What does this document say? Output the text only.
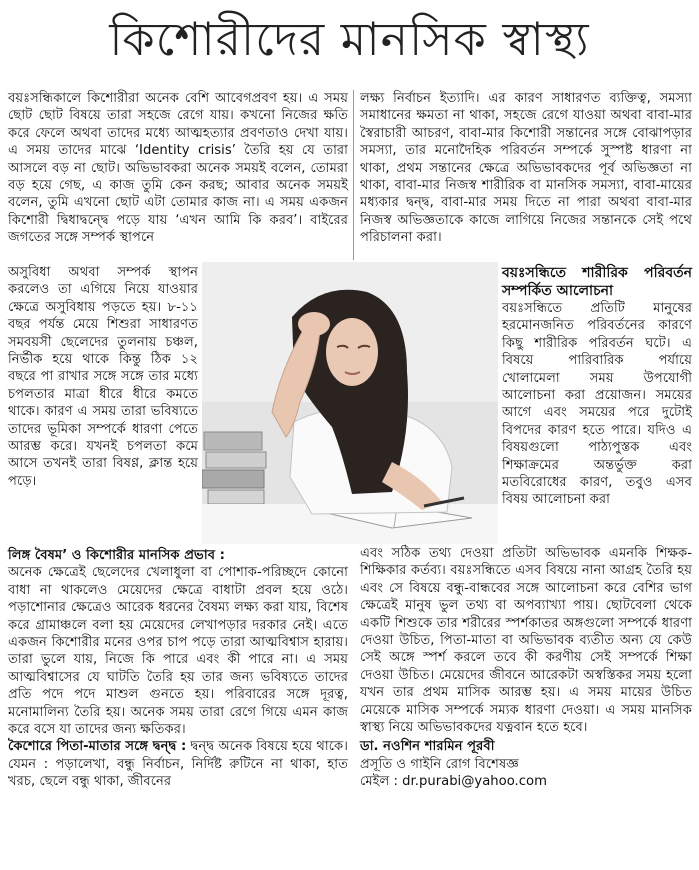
কিশোরীদের মানসিক স্বাস্থ্য

বয়ঃসন্ধিকালে কিশোরীরা অনেক বেশি আবেগপ্রবণ হয়। এ সময় ছোট ছোট বিষয়ে তারা সহজে রেগে যায়। কখনো নিজের ক্ষতি করে ফেলে অথবা তাদের মধ্যে আত্মহত্যার প্রবণতাও দেখা যায়। এ সময় তাদের মাঝে ‘Identity crisis’ তৈরি হয় যে তারা আসলে বড় না ছোট। অভিভাবকরা অনেক সময়ই বলেন, তোমরা বড় হয়ে গেছ, এ কাজ তুমি কেন করছ; আবার অনেক সময়ই বলেন, তুমি এখনো ছোট এটা তোমার কাজ না। এ সময় একজন কিশোরী দ্বিধাদ্বন্দ্বে পড়ে যায় ‘এখন আমি কি করব’। বাইরের জগতের সঙ্গে সম্পর্ক স্থাপনে

লক্ষ্য নির্বাচন ইত্যাদি। এর কারণ সাধারণত ব্যক্তিত্ব, সমস্যা সমাধানের ক্ষমতা না থাকা, সহজে রেগে যাওয়া অথবা বাবা-মার স্বৈরাচারী আচরণ, বাবা-মার কিশোরী সন্তানের সঙ্গে বোঝাপড়ার সমস্যা, তার মনোদৈহিক পরিবর্তন সম্পর্কে সুস্পষ্ট ধারণা না থাকা, প্রথম সন্তানের ক্ষেত্রে অভিভাবকদের পূর্ব অভিজ্ঞতা না থাকা, বাবা-মার নিজস্ব শারীরিক বা মানসিক সমস্যা, বাবা-মায়ের মধ্যকার দ্বন্দ্ব, বাবা-মার সময় দিতে না পারা অথবা বাবা-মার নিজস্ব অভিজ্ঞতাকে কাজে লাগিয়ে নিজের সন্তানকে সেই পথে পরিচালনা করা।

অসুবিধা অথবা সম্পর্ক স্থাপন করলেও তা এগিয়ে নিয়ে যাওয়ার ক্ষেত্রে অসুবিধায় পড়তে হয়। ৮-১১ বছর পর্যন্ত মেয়ে শিশুরা সাধারণত সমবয়সী ছেলেদের তুলনায় চঞ্চল, নির্ভীক হয়ে থাকে কিন্তু ঠিক ১২ বছরে পা রাখার সঙ্গে সঙ্গে তার মধ্যে চপলতার মাত্রা ধীরে ধীরে কমতে থাকে। কারণ এ সময় তারা ভবিষ্যতে তাদের ভূমিকা সম্পর্কে ধারণা পেতে আরম্ভ করে। যখনই চপলতা কমে আসে তখনই তারা বিষণ্ণ, ক্লান্ত হয়ে পড়ে।

বয়ঃসন্ধিতে শারীরিক পরিবর্তন সম্পর্কিত আলোচনা

বয়ঃসন্ধিতে প্রতিটি মানুষের হরমোনজনিত পরিবর্তনের কারণে কিছু শারীরিক পরিবর্তন ঘটে। এ বিষয়ে পারিবারিক পর্যায়ে খোলামেলা সময় উপযোগী আলোচনা করা প্রয়োজন। সময়ের আগে এবং সময়ের পরে দুটোই বিপদের কারণ হতে পারে। যদিও এ বিষয়গুলো পাঠ্যপুস্তক এবং শিক্ষাক্রমের অন্তর্ভুক্ত করা মতবিরোধের কারণ, তবুও এসব বিষয় আলোচনা করা

লিঙ্গ বৈষম’ ও কিশোরীর মানসিক প্রভাব :

অনেক ক্ষেত্রেই ছেলেদের খেলাধুলা বা পোশাক-পরিচ্ছদে কোনো বাধা না থাকলেও মেয়েদের ক্ষেত্রে বাধাটা প্রবল হয়ে ওঠে। পড়াশোনার ক্ষেত্রেও আরেক ধরনের বৈষম্য লক্ষ্য করা যায়, বিশেষ করে গ্রামাঞ্চলে বলা হয় মেয়েদের লেখাপড়ার দরকার নেই। এতে একজন কিশোরীর মনের ওপর চাপ পড়ে তারা আত্মবিশ্বাস হারায়। তারা ভুলে যায়, নিজে কি পারে এবং কী পারে না। এ সময় আত্মবিশ্বাসের যে ঘাটতি তৈরি হয় তার জন্য ভবিষ্যতে তাদের প্রতি পদে পদে মাশুল গুনতে হয়। পরিবারের সঙ্গে দূরত্ব, মনোমালিন্য তৈরি হয়। অনেক সময় তারা রেগে গিয়ে এমন কাজ করে বসে যা তাদের জন্য ক্ষতিকর।

কৈশোরে পিতা-মাতার সঙ্গে দ্বন্দ্ব : দ্বন্দ্ব অনেক বিষয়ে হয়ে থাকে। যেমন : পড়ালেখা, বন্ধু নির্বাচন, নির্দিষ্ট রুটিনে না থাকা, হাত খরচ, ছেলে বন্ধু থাকা, জীবনের

এবং সঠিক তথ্য দেওয়া প্রতিটা অভিভাবক এমনকি শিক্ষক-শিক্ষিকার কর্তব্য। বয়ঃসন্ধিতে এসব বিষয়ে নানা আগ্রহ তৈরি হয় এবং সে বিষয়ে বন্ধু-বান্ধবের সঙ্গে আলোচনা করে বেশির ভাগ ক্ষেত্রেই মানুষ ভুল তথ্য বা অপব্যাখ্যা পায়। ছোটবেলা থেকে একটি শিশুকে তার শরীরের স্পর্শকাতর অঙ্গগুলো সম্পর্কে ধারণা দেওয়া উচিত, পিতা-মাতা বা অভিভাবক ব্যতীত অন্য যে কেউ সেই অঙ্গে স্পর্শ করলে তবে কী করণীয় সেই সম্পর্কে শিক্ষা দেওয়া উচিত। মেয়েদের জীবনে আরেকটা অস্বস্তিকর সময় হলো যখন তার প্রথম মাসিক আরম্ভ হয়। এ সময় মায়ের উচিত মেয়েকে মাসিক সম্পর্কে সম্যক ধারণা দেওয়া। এ সময় মানসিক স্বাস্থ্য নিয়ে অভিভাবকদের যত্নবান হতে হবে।

ডা. নওশিন শারমিন পূরবী

প্রসূতি ও গাইনি রোগ বিশেষজ্ঞ

মেইল : dr.purabi@yahoo.com
